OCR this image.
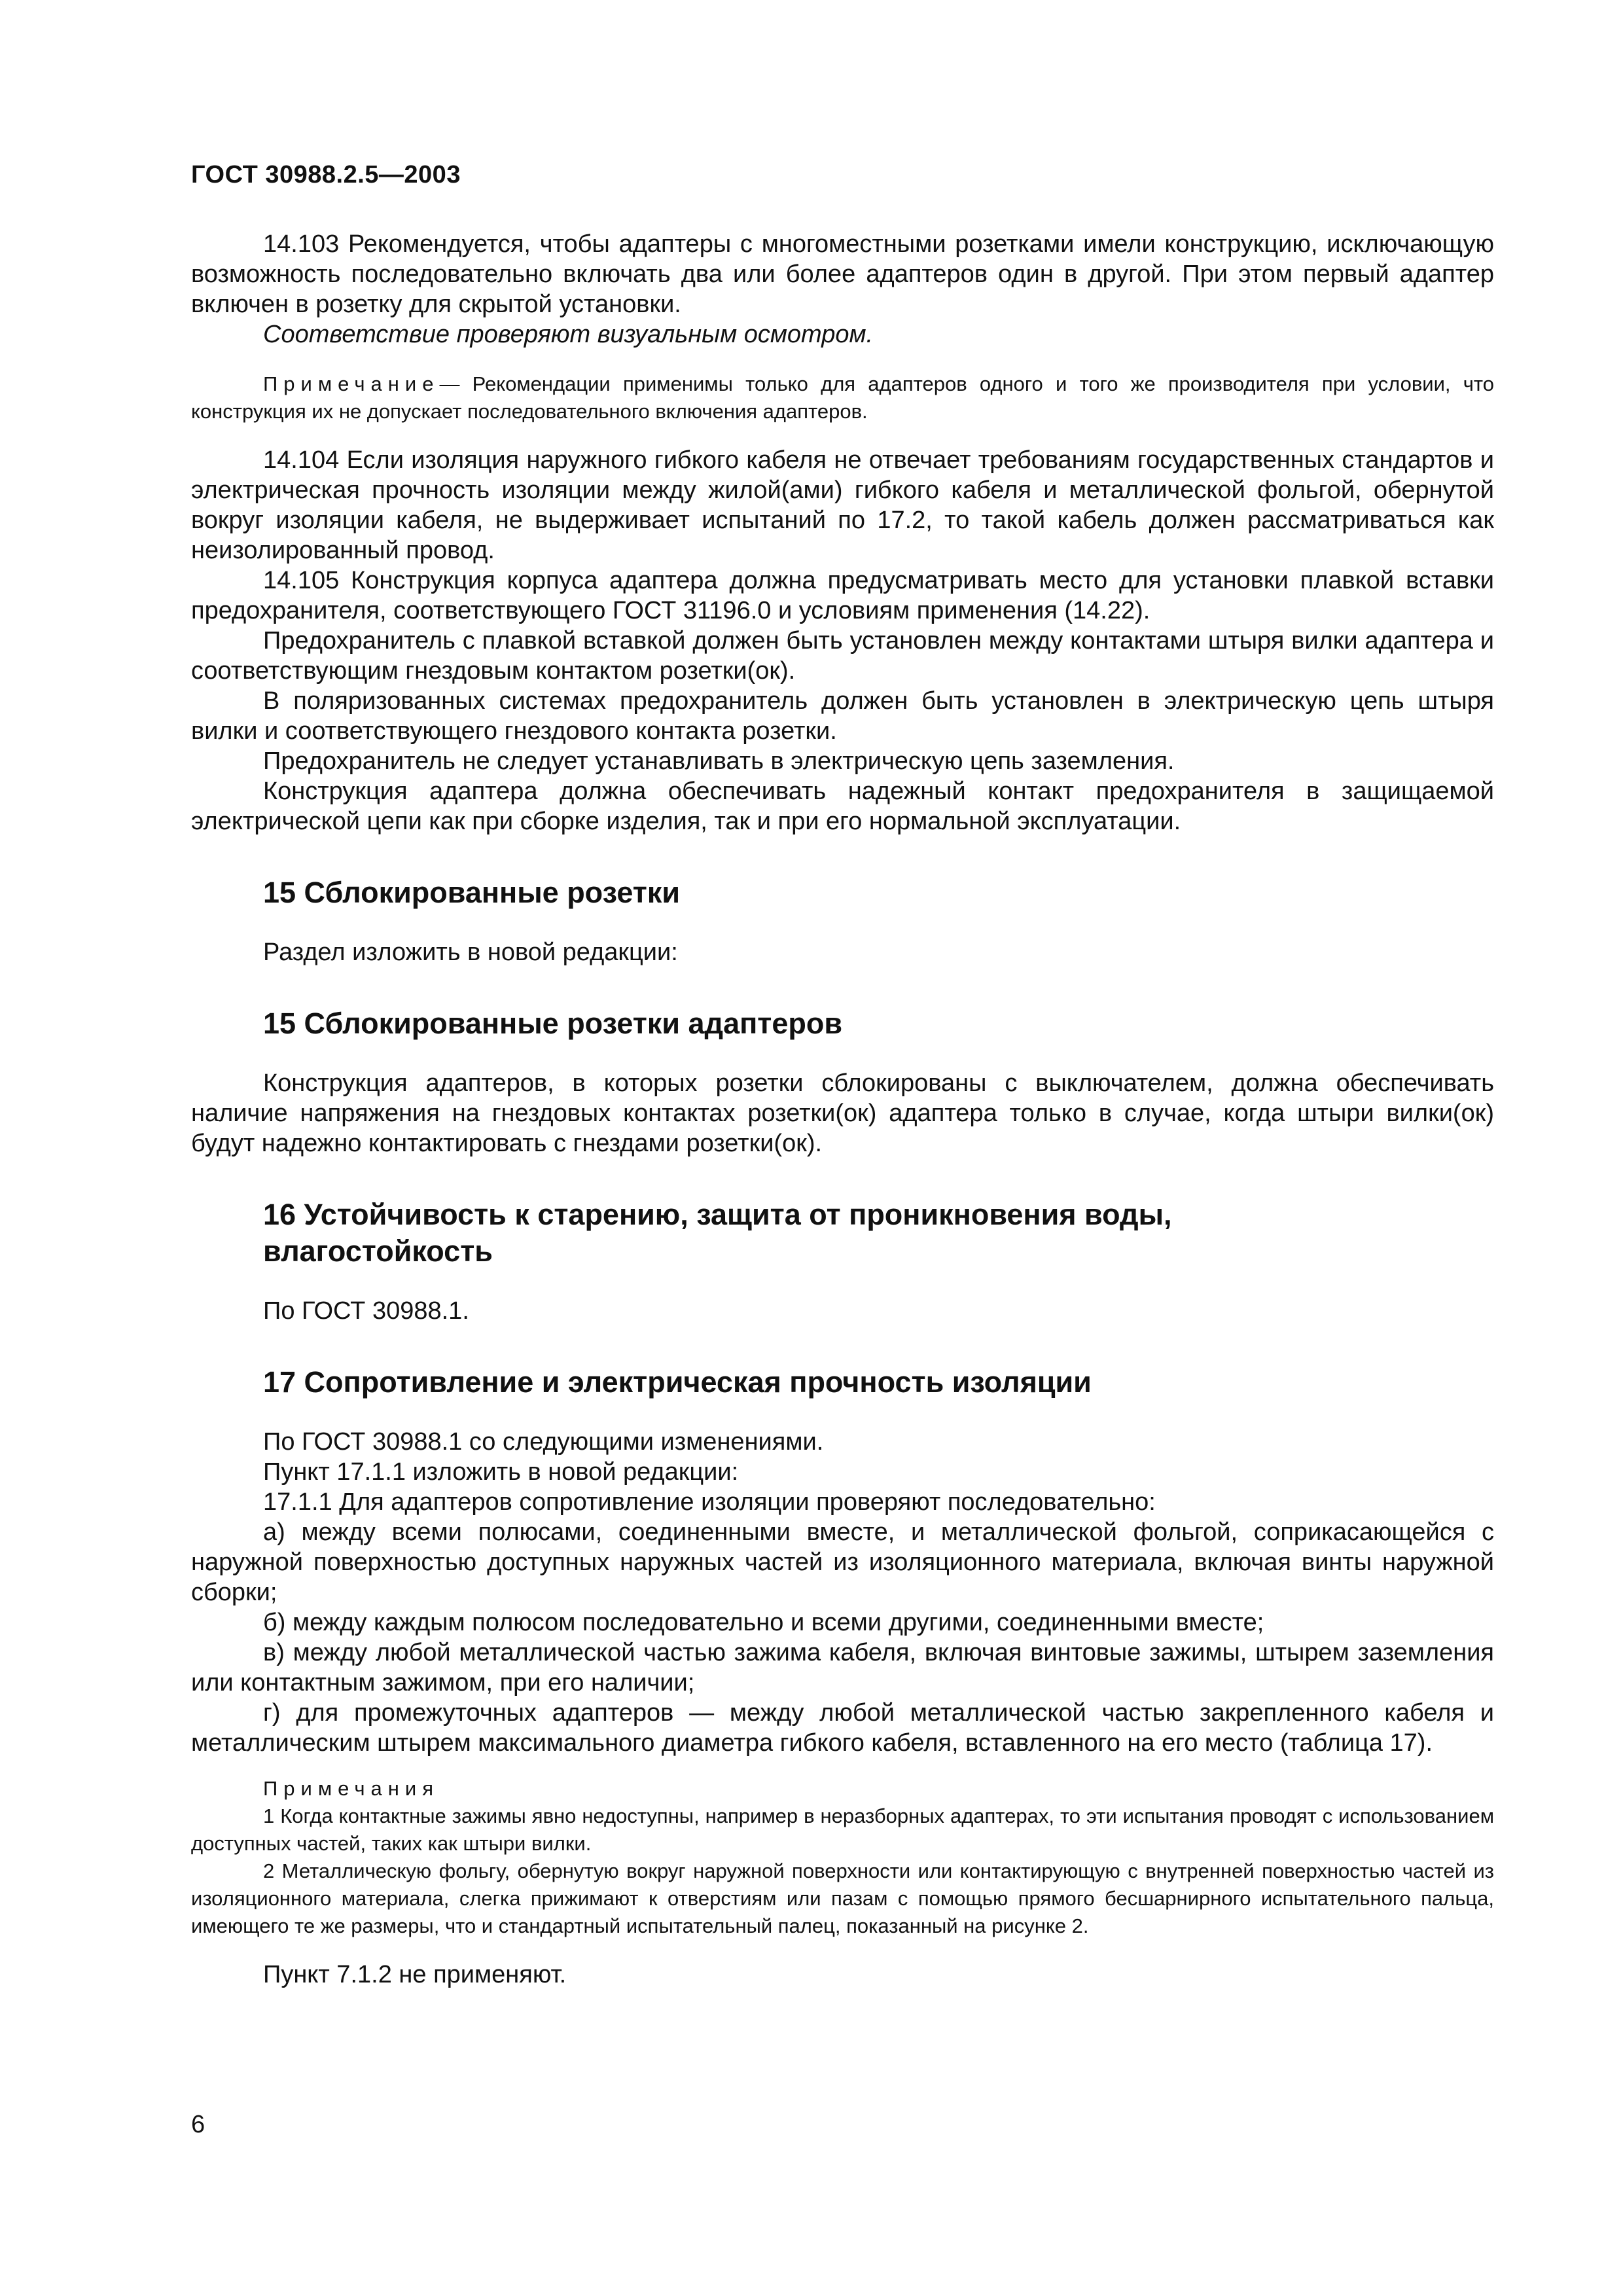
ГОСТ 30988.2.5—2003

14.103 Рекомендуется, чтобы адаптеры с многоместными розетками имели конструкцию, исключающую возможность последовательно включать два или более адаптеров один в другой. При этом первый адаптер включен в розетку для скрытой установки.

Соответствие проверяют визуальным осмотром.

Примечание— Рекомендации применимы только для адаптеров одного и того же производителя при условии, что конструкция их не допускает последовательного включения адаптеров.

14.104 Если изоляция наружного гибкого кабеля не отвечает требованиям государственных стандартов и электрическая прочность изоляции между жилой(ами) гибкого кабеля и металлической фольгой, обернутой вокруг изоляции кабеля, не выдерживает испытаний по 17.2, то такой кабель должен рассматриваться как неизолированный провод.

14.105 Конструкция корпуса адаптера должна предусматривать место для установки плавкой вставки предохранителя, соответствующего ГОСТ 31196.0 и условиям применения (14.22).

Предохранитель с плавкой вставкой должен быть установлен между контактами штыря вилки адаптера и соответствующим гнездовым контактом розетки(ок).

В поляризованных системах предохранитель должен быть установлен в электрическую цепь штыря вилки и соответствующего гнездового контакта розетки.

Предохранитель не следует устанавливать в электрическую цепь заземления.

Конструкция адаптера должна обеспечивать надежный контакт предохранителя в защищаемой электрической цепи как при сборке изделия, так и при его нормальной эксплуатации.

15 Сблокированные розетки

Раздел изложить в новой редакции:

15 Сблокированные розетки адаптеров

Конструкция адаптеров, в которых розетки сблокированы с выключателем, должна обеспечивать наличие напряжения на гнездовых контактах розетки(ок) адаптера только в случае, когда штыри вилки(ок) будут надежно контактировать с гнездами розетки(ок).

16 Устойчивость к старению, защита от проникновения воды, влагостойкость

По ГОСТ 30988.1.

17 Сопротивление и электрическая прочность изоляции

По ГОСТ 30988.1 со следующими изменениями.

Пункт 17.1.1 изложить в новой редакции:

17.1.1 Для адаптеров сопротивление изоляции проверяют последовательно:

а) между всеми полюсами, соединенными вместе, и металлической фольгой, соприкасающейся с наружной поверхностью доступных наружных частей из изоляционного материала, включая винты наружной сборки;

б) между каждым полюсом последовательно и всеми другими, соединенными вместе;

в) между любой металлической частью зажима кабеля, включая винтовые зажимы, штырем заземления или контактным зажимом, при его наличии;

г) для промежуточных адаптеров — между любой металлической частью закрепленного кабеля и металлическим штырем максимального диаметра гибкого кабеля, вставленного на его место (таблица 17).

Примечания

1 Когда контактные зажимы явно недоступны, например в неразборных адаптерах, то эти испытания проводят с использованием доступных частей, таких как штыри вилки.

2 Металлическую фольгу, обернутую вокруг наружной поверхности или контактирующую с внутренней поверхностью частей из изоляционного материала, слегка прижимают к отверстиям или пазам с помощью прямого бесшарнирного испытательного пальца, имеющего те же размеры, что и стандартный испытательный палец, показанный на рисунке 2.

Пункт 7.1.2 не применяют.

6
